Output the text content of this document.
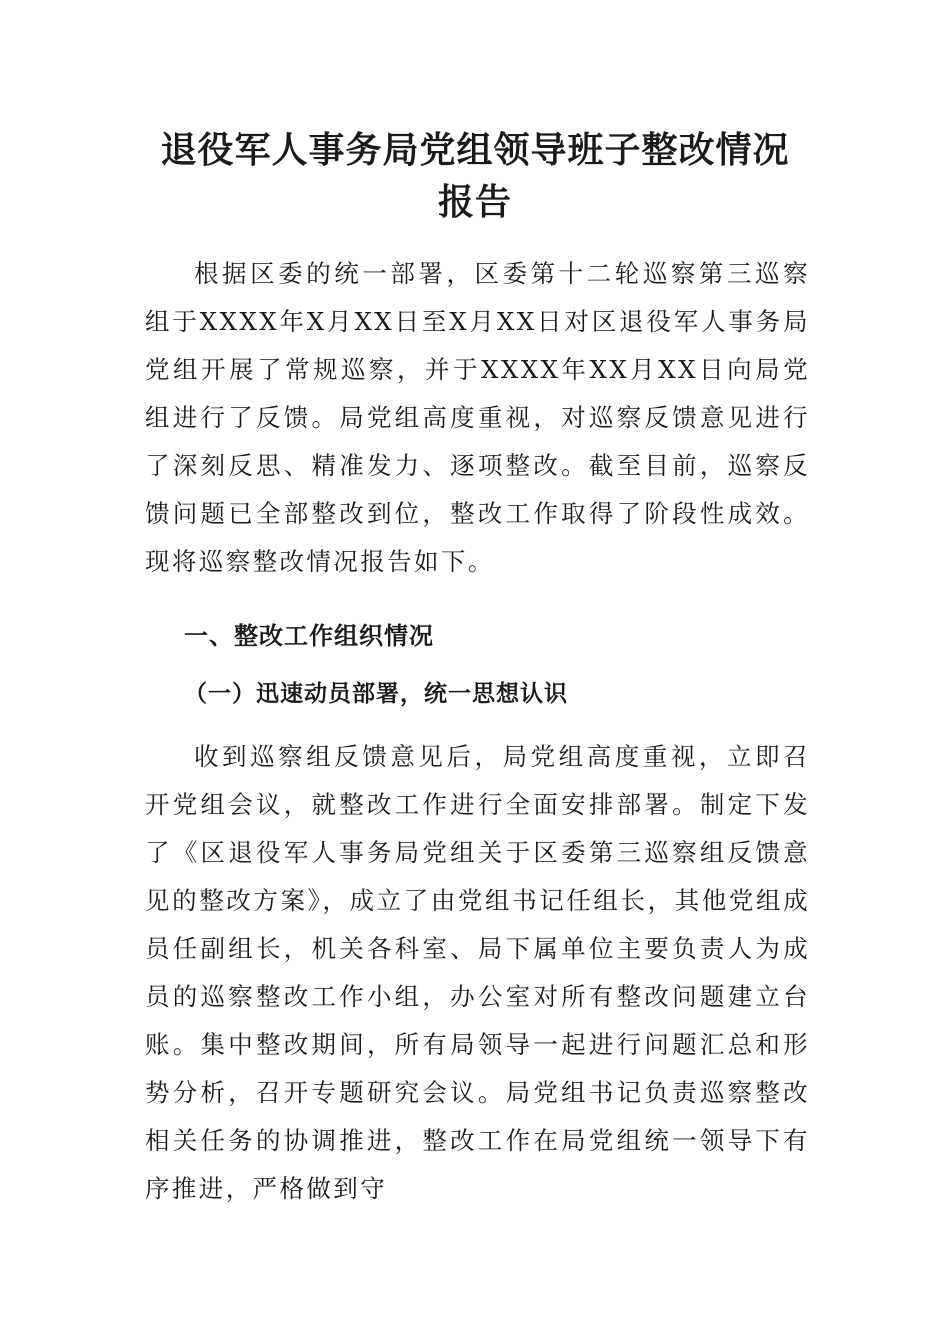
退役军人事务局党组领导班子整改情况报告

根据区委的统一部署，区委第十二轮巡察第三巡察组于XXXX年X月XX日至X月XX日对区退役军人事务局党组开展了常规巡察，并于XXXX年XX月XX日向局党组进行了反馈。局党组高度重视，对巡察反馈意见进行了深刻反思、精准发力、逐项整改。截至目前，巡察反馈问题已全部整改到位，整改工作取得了阶段性成效。现将巡察整改情况报告如下。

一、整改工作组织情况
（一）迅速动员部署，统一思想认识

收到巡察组反馈意见后，局党组高度重视，立即召开党组会议，就整改工作进行全面安排部署。制定下发了《区退役军人事务局党组关于区委第三巡察组反馈意见的整改方案》，成立了由党组书记任组长，其他党组成员任副组长，机关各科室、局下属单位主要负责人为成员的巡察整改工作小组，办公室对所有整改问题建立台账。集中整改期间，所有局领导一起进行问题汇总和形势分析，召开专题研究会议。局党组书记负责巡察整改相关任务的协调推进，整改工作在局党组统一领导下有序推进，严格做到守
